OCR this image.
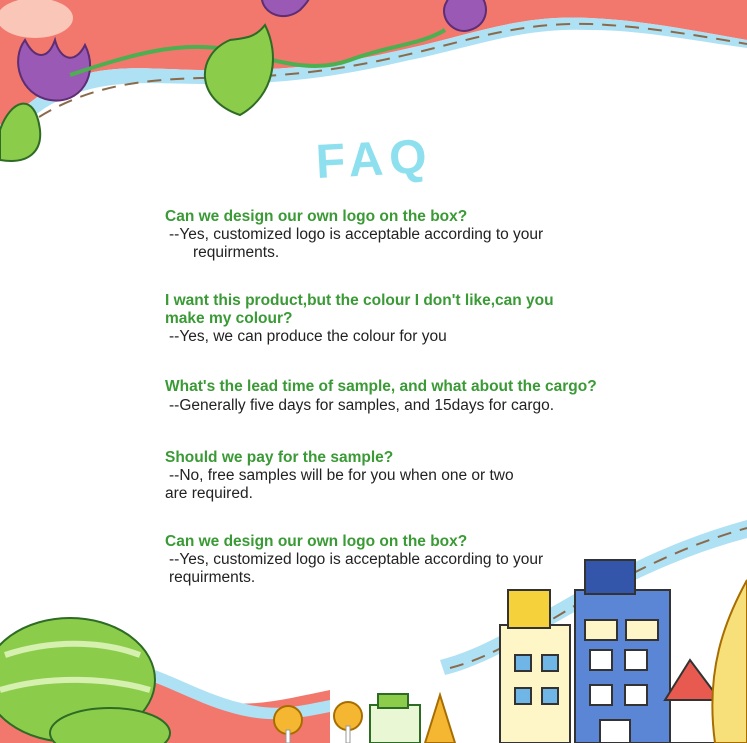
FAQ
Can we design our own logo on the box?
--Yes, customized logo is acceptable according to your
requirments.
I want this product,but the colour I don't like,can you
make my colour?
--Yes, we can produce the colour for you
What's the lead time of sample, and what about the cargo?
--Generally five days for samples, and 15days for cargo.
Should we pay for the sample?
--No, free samples will be for you when one or two
are required.
Can we design our own logo on the box?
--Yes, customized logo is acceptable according to your
requirments.
